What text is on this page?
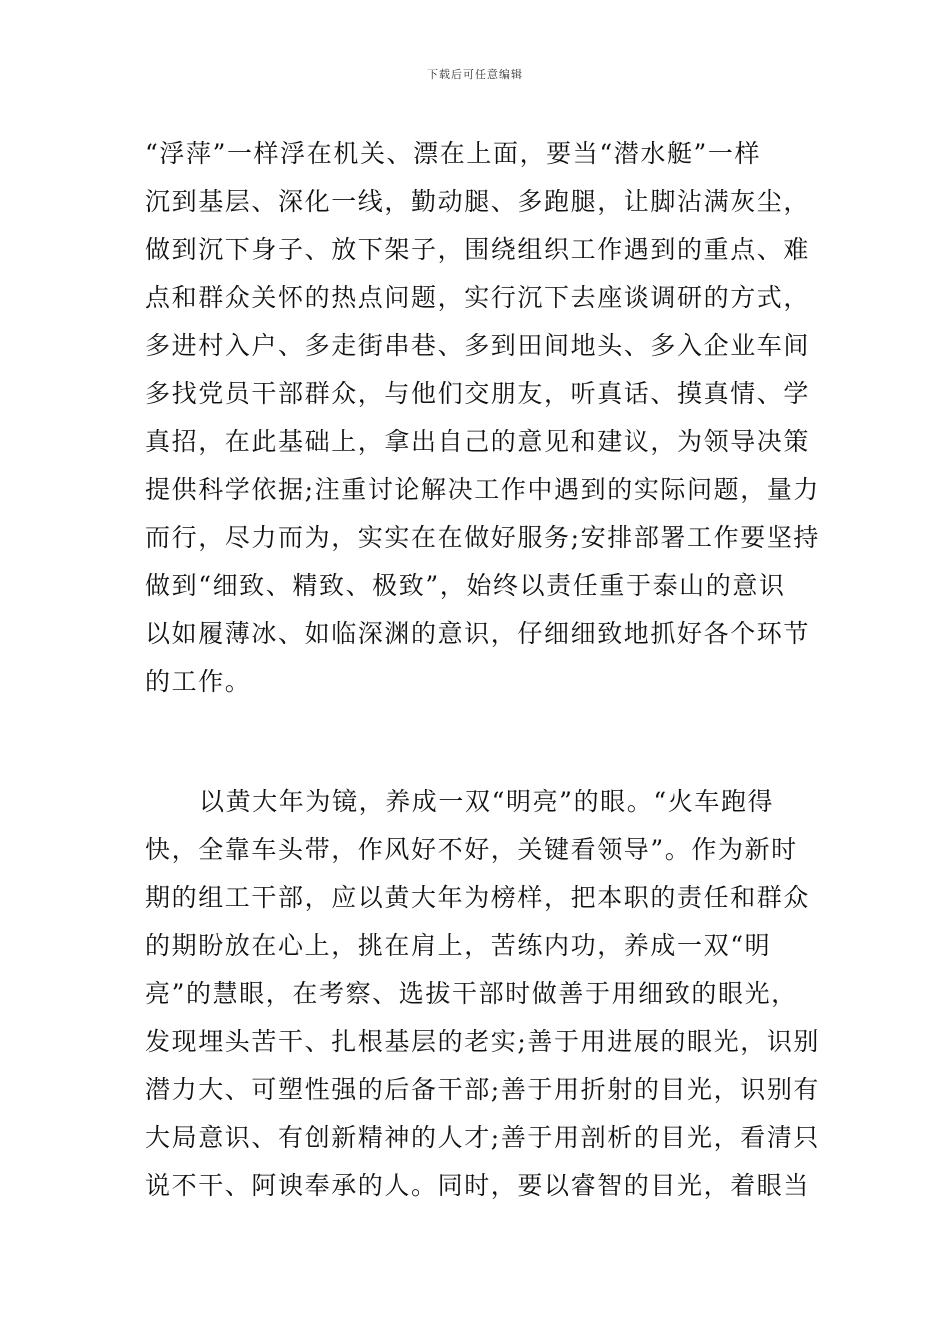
下载后可任意编辑
“浮萍”一样浮在机关、漂在上面，要当“潜水艇”一样
沉到基层、深化一线，勤动腿、多跑腿，让脚沾满灰尘，
做到沉下身子、放下架子，围绕组织工作遇到的重点、难
点和群众关怀的热点问题，实行沉下去座谈调研的方式，
多进村入户、多走街串巷、多到田间地头、多入企业车间
多找党员干部群众，与他们交朋友，听真话、摸真情、学
真招，在此基础上，拿出自己的意见和建议，为领导决策
提供科学依据;注重讨论解决工作中遇到的实际问题，量力
而行，尽力而为，实实在在做好服务;安排部署工作要坚持
做到“细致、精致、极致”，始终以责任重于泰山的意识
以如履薄冰、如临深渊的意识，仔细细致地抓好各个环节
的工作。
以黄大年为镜，养成一双“明亮”的眼。“火车跑得
快，全靠车头带，作风好不好，关键看领导”。作为新时
期的组工干部，应以黄大年为榜样，把本职的责任和群众
的期盼放在心上，挑在肩上，苦练内功，养成一双“明
亮”的慧眼，在考察、选拔干部时做善于用细致的眼光，
发现埋头苦干、扎根基层的老实;善于用进展的眼光，识别
潜力大、可塑性强的后备干部;善于用折射的目光，识别有
大局意识、有创新精神的人才;善于用剖析的目光，看清只
说不干、阿谀奉承的人。同时，要以睿智的目光，着眼当
